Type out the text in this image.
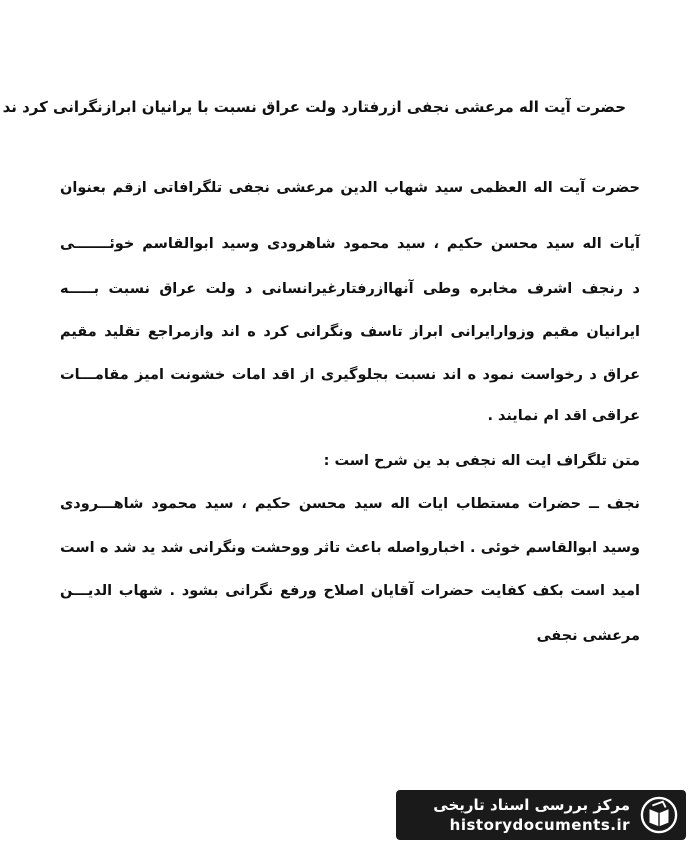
حضرت آیت اله مرعشی نجفی ازرفتارد ولت عراق نسبت با یرانیان ابرازنگرانی کرد ند
حضرت آیت اله العظمی سید شهاب الدین مرعشی نجفی تلگرافاتی ازقم بعنوان
آیات اله سید محسن حکیم ، سید محمود شاهرودی وسید ابوالقاسم خوئـــــــی
د رنجف اشرف مخابره وطی آنهاازرفتارغیرانسانی د ولت عراق نسبت بـــــه
ایرانیان مقیم وزوارایرانی ابراز تاسف ونگرانی کرد ه اند وازمراجع تقلید مقیم
عراق د رخواست نمود ه اند نسبت بجلوگیری از اقد امات خشونت امیز مقامـــات
عراقی اقد ام نمایند .
متن تلگراف ایت اله نجفی بد ین شرح است :
نجف ــ حضرات مستطاب ایات اله سید محسن حکیم ، سید محمود شاهـــرودی
وسید ابوالقاسم خوئی . اخبارواصله باعث تاثر ووحشت ونگرانی شد ید شد ه است
امید است بکف کفایت حضرات آقایان اصلاح ورفع نگرانی بشود . شهاب الدیـــن
مرعشی نجفی
مرکز بررسی اسناد تاریخی
historydocuments.ir
